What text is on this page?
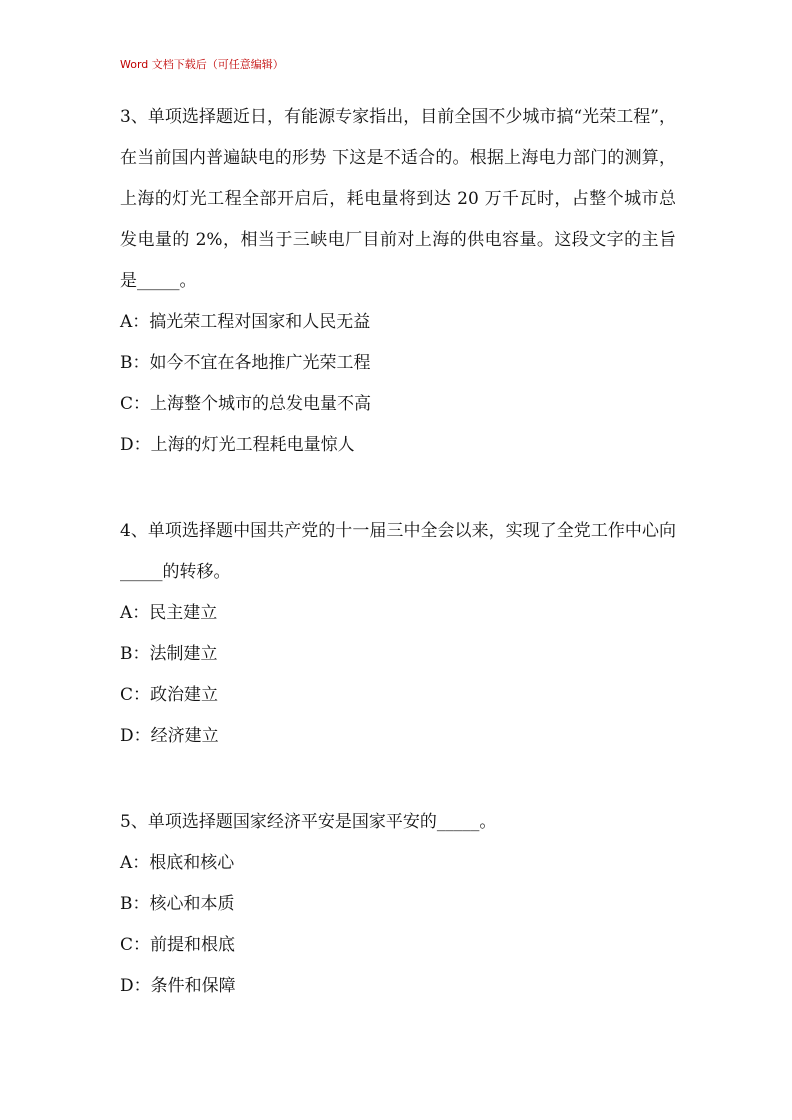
Word 文档下载后（可任意编辑）
3、单项选择题近日，有能源专家指出，目前全国不少城市搞“光荣工程”，在当前国内普遍缺电的形势 下这是不适合的。根据上海电力部门的测算，上海的灯光工程全部开启后，耗电量将到达 20 万千瓦时，占整个城市总发电量的 2%，相当于三峡电厂目前对上海的供电容量。这段文字的主旨是_____。
A：搞光荣工程对国家和人民无益
B：如今不宜在各地推广光荣工程
C：上海整个城市的总发电量不高
D：上海的灯光工程耗电量惊人
4、单项选择题中国共产党的十一届三中全会以来，实现了全党工作中心向_____的转移。
A：民主建立
B：法制建立
C：政治建立
D：经济建立
5、单项选择题国家经济平安是国家平安的_____。
A：根底和核心
B：核心和本质
C：前提和根底
D：条件和保障
